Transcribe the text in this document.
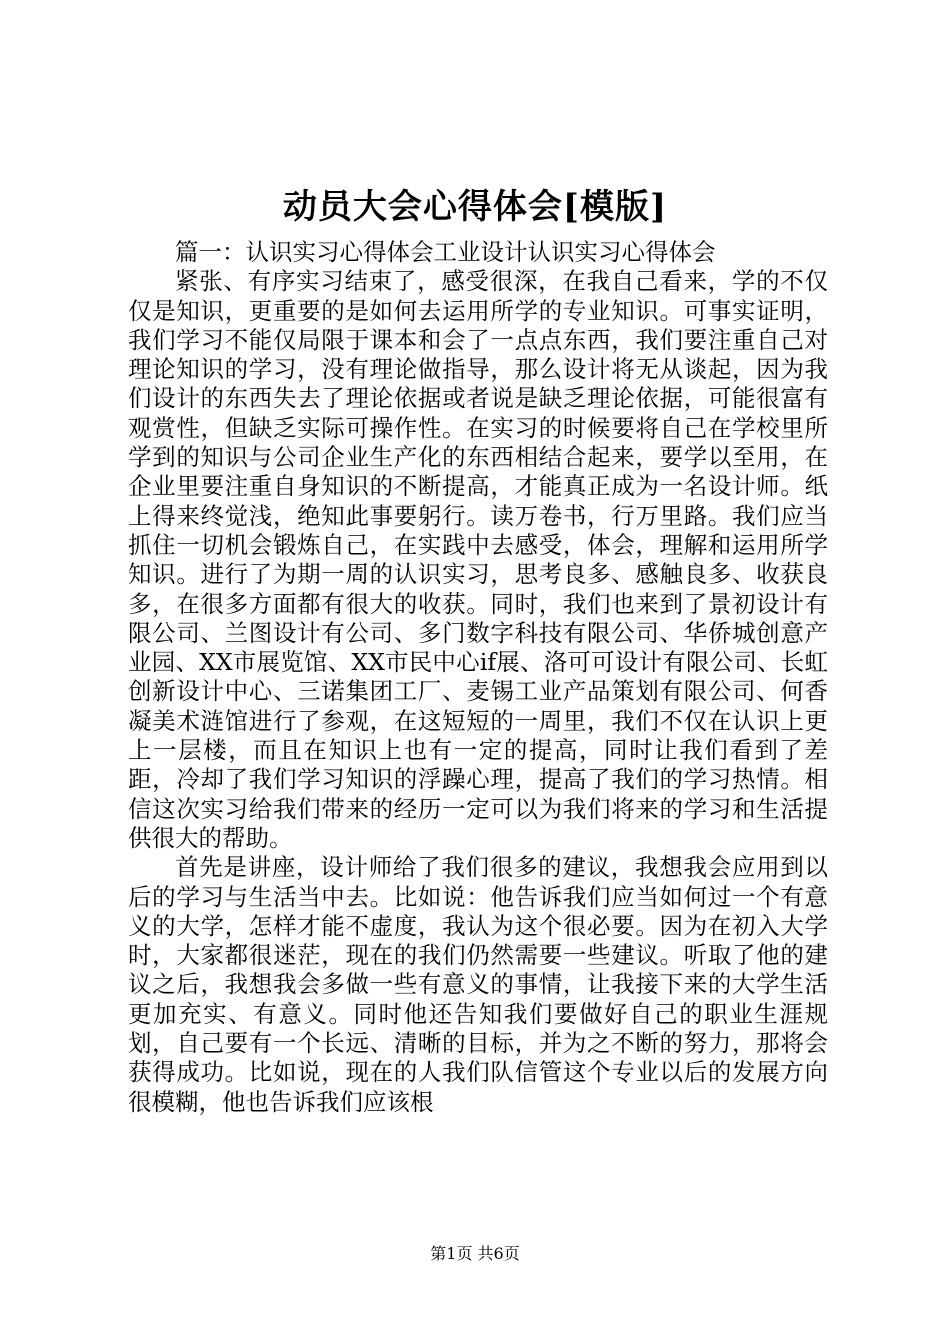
动员大会心得体会[模版]

篇一：认识实习心得体会工业设计认识实习心得体会

紧张、有序实习结束了，感受很深，在我自己看来，学的不仅仅是知识，更重要的是如何去运用所学的专业知识。可事实证明，我们学习不能仅局限于课本和会了一点点东西，我们要注重自己对理论知识的学习，没有理论做指导，那么设计将无从谈起，因为我们设计的东西失去了理论依据或者说是缺乏理论依据，可能很富有观赏性，但缺乏实际可操作性。在实习的时候要将自己在学校里所学到的知识与公司企业生产化的东西相结合起来，要学以至用，在企业里要注重自身知识的不断提高，才能真正成为一名设计师。纸上得来终觉浅，绝知此事要躬行。读万卷书，行万里路。我们应当抓住一切机会锻炼自己，在实践中去感受，体会，理解和运用所学知识。进行了为期一周的认识实习，思考良多、感触良多、收获良多，在很多方面都有很大的收获。同时，我们也来到了景初设计有限公司、兰图设计有公司、多门数字科技有限公司、华侨城创意产业园、XX市展览馆、XX市民中心if展、洛可可设计有限公司、长虹创新设计中心、三诺集团工厂、麦锡工业产品策划有限公司、何香凝美术涟馆进行了参观，在这短短的一周里，我们不仅在认识上更上一层楼，而且在知识上也有一定的提高，同时让我们看到了差距，冷却了我们学习知识的浮躁心理，提高了我们的学习热情。相信这次实习给我们带来的经历一定可以为我们将来的学习和生活提供很大的帮助。

首先是讲座，设计师给了我们很多的建议，我想我会应用到以后的学习与生活当中去。比如说：他告诉我们应当如何过一个有意义的大学，怎样才能不虚度，我认为这个很必要。因为在初入大学时，大家都很迷茫，现在的我们仍然需要一些建议。听取了他的建议之后，我想我会多做一些有意义的事情，让我接下来的大学生活更加充实、有意义。同时他还告知我们要做好自己的职业生涯规划，自己要有一个长远、清晰的目标，并为之不断的努力，那将会获得成功。比如说，现在的人我们队信管这个专业以后的发展方向很模糊，他也告诉我们应该根

第1页 共6页
